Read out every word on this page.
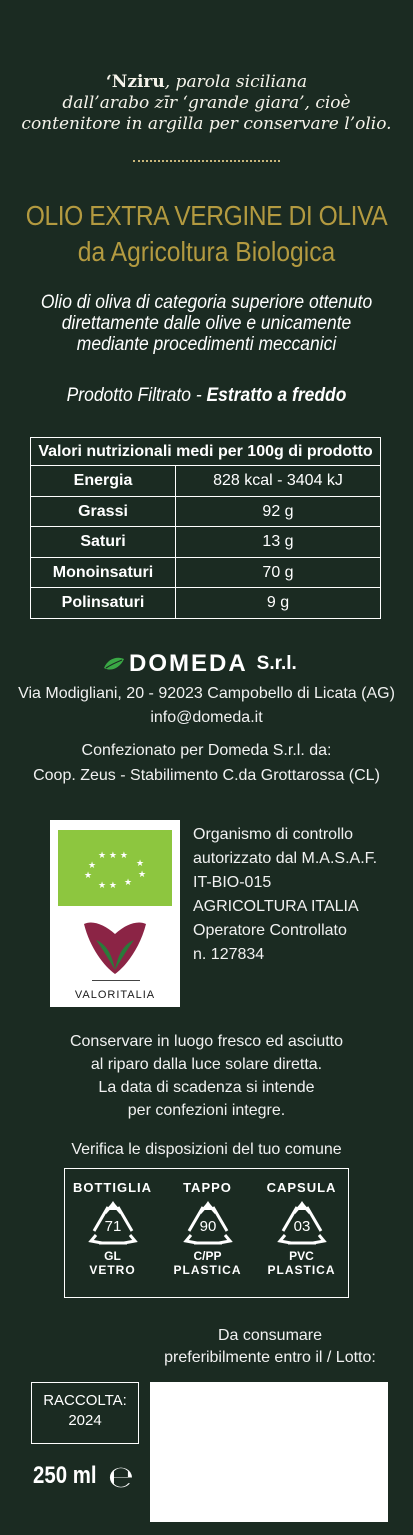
‘Nziru, parola siciliana
dall’arabo zīr ‘grande giara’, cioè
contenitore in argilla per conservare l’olio.
OLIO EXTRA VERGINE DI OLIVA
da Agricoltura Biologica
Olio di oliva di categoria superiore ottenuto
direttamente dalle olive e unicamente
mediante procedimenti meccanici
Prodotto Filtrato - Estratto a freddo
Valori nutrizionali medi per 100g di prodotto
Energia	828 kcal - 3404 kJ
Grassi	92 g
Saturi	13 g
Monoinsaturi	70 g
Polinsaturi	9 g
DOMEDA S.r.l.
Via Modigliani, 20 - 92023 Campobello di Licata (AG)
info@domeda.it
Confezionato per Domeda S.r.l. da:
Coop. Zeus - Stabilimento C.da Grottarossa (CL)
★ ★ ★
★	★
★	★
★ ★ ★
VALORITALIA
Organismo di controllo
autorizzato dal M.A.S.A.F.
IT-BIO-015
AGRICOLTURA ITALIA
Operatore Controllato
n. 127834
Conservare in luogo fresco ed asciutto
al riparo dalla luce solare diretta.
La data di scadenza si intende
per confezioni integre.
Verifica le disposizioni del tuo comune
BOTTIGLIA
71
GL
VETRO
TAPPO
90
C/PP
PLASTICA
CAPSULA
03
PVC
PLASTICA
Da consumare
preferibilmente entro il / Lotto:
RACCOLTA:
2024
250 ml ℮
